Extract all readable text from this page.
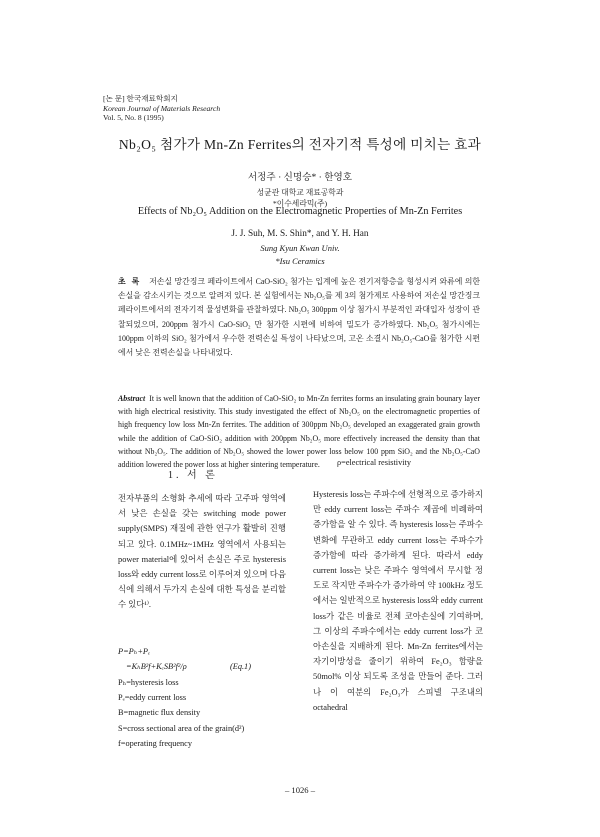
[논 문] 한국재료학회지
Korean Journal of Materials Research
Vol. 5, No. 8 (1995)
Nb₂O₅ 첨가가 Mn-Zn Ferrites의 전자기적 특성에 미치는 효과
서정주 · 신명승* · 한영호
성균관 대학교 재료공학과
*이수세라믹(주)
Effects of Nb₂O₅ Addition on the Electromagnetic Properties of Mn-Zn Ferrites
J. J. Suh, M. S. Shin*, and Y. H. Han
Sung Kyun Kwan Univ.
*Isu Ceramics
초록 저손실 망간징크 페라이트에서 CaO-SiO₂ 첨가는 입계에 높은 전기저항층을 형성시켜 와류에 의한 손실을 감소시키는 것으로 알려져 있다. 본 실험에서는 Nb₂O₅를 제 3의 첨가제로 사용하여 저손실 망간징크 페라이트에서의 전자기적 물성변화를 관찰하였다. Nb₂O₅ 300ppm 이상 첨가시 부분적인 과대입자 성장이 관찰되었으며, 200ppm 첨가시 CaO-SiO₂ 만 첨가한 시편에 비하여 밀도가 증가하였다. Nb₂O₅ 첨가시에는 100ppm 이하의 SiO₂ 첨가에서 우수한 전력손실 특성이 나타났으며, 고온 소결시 Nb₂O₅-CaO를 첨가한 시편에서 낮은 전력손실을 나타내었다.
Abstract It is well known that the addition of CaO-SiO₂ to Mn-Zn ferrites forms an insulating grain bounary layer with high electrical resistivity. This study investigated the effect of Nb₂O₅ on the electromagnetic properties of high frequency low loss Mn-Zn ferrites. The addition of 300ppm Nb₂O₅ developed an exaggerated grain growth while the addition of CaO-SiO₂ addition with 200ppm Nb₂O₅ more effectively increased the density than that without Nb₂O₅. The addition of Nb₂O₅ showed the lower power loss below 100 ppm SiO₂ and the Nb₂O₅-CaO addition lowered the power loss at higher sintering temperature.
1. 서 론
전자부품의 소형화 추세에 따라 고주파 영역에서 낮은 손실을 갖는 switching mode power supply(SMPS) 재질에 관한 연구가 활발히 진행되고 있다. 0.1MHz~1MHz 영역에서 사용되는 power material에 있어서 손실은 주로 hysteresis loss와 eddy current loss로 이루어져 있으며 다음식에 의해서 두가지 손실에 대한 특성을 분리할 수 있다¹⁾.
P=Pₕ+Pₑ
=KₕB²f+KₑSB²f²/ρ	(Eq.1)
Pₕ=hysteresis loss
Pₑ=eddy current loss
B=magnetic flux density
S=cross sectional area of the grain(d²)
f=operating frequency
ρ=electrical resistivity
Hysteresis loss는 주파수에 선형적으로 증가하지만 eddy current loss는 주파수 제곱에 비례하여 증가함을 알 수 있다. 즉 hysteresis loss는 주파수 변화에 무관하고 eddy current loss는 주파수가 증가함에 따라 증가하게 된다. 따라서 eddy current loss는 낮은 주파수 영역에서 무시할 정도로 작지만 주파수가 증가하여 약 100kHz 정도에서는 일반적으로 hysteresis loss와 eddy current loss가 같은 비율로 전체 코아손실에 기여하며, 그 이상의 주파수에서는 eddy current loss가 코아손실을 지배하게 된다. Mn-Zn ferrites에서는 자기이방성을 줄이기 위하여 Fe₂O₃ 함량을 50mol% 이상 되도록 조성을 만들어 준다. 그러나 이 여분의 Fe₂O₃가 스피넬 구조내의 octahedral
– 1026 –
